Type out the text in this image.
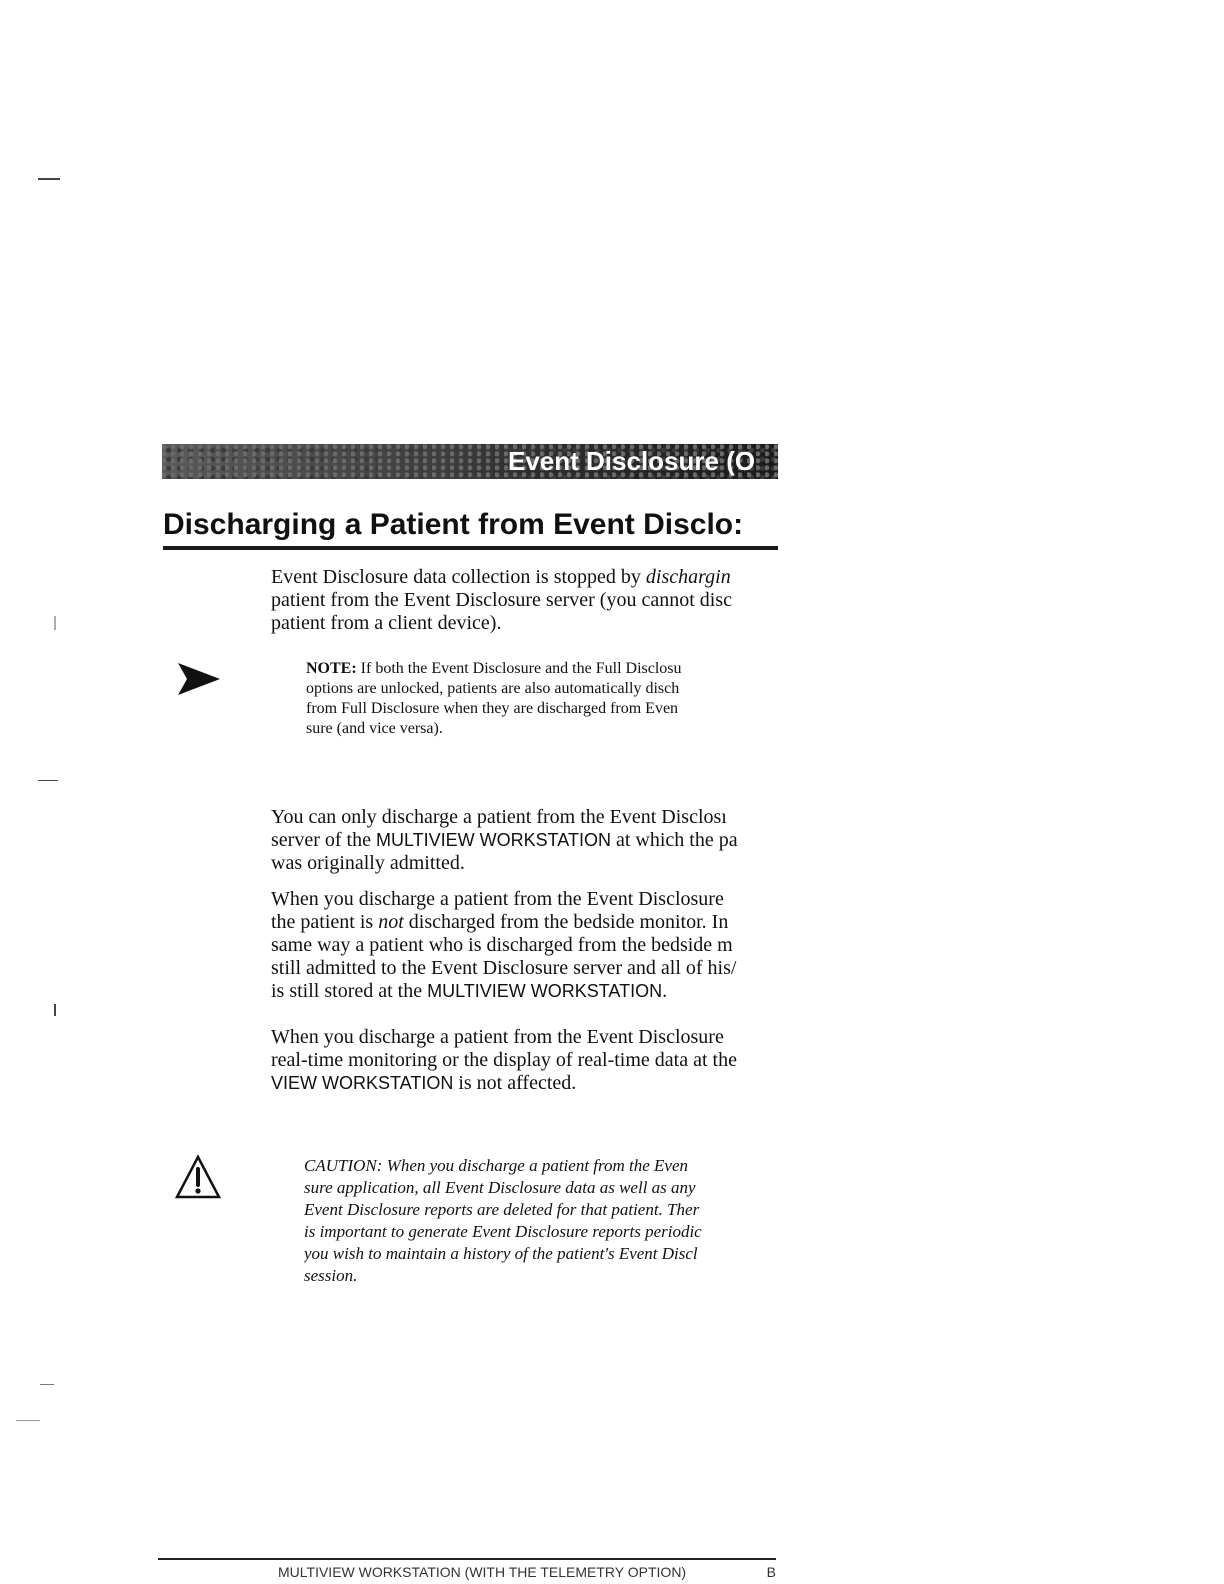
Event Disclosure (O
Discharging a Patient from Event Disclo:
Event Disclosure data collection is stopped by dischargin
patient from the Event Disclosure server (you cannot disc
patient from a client device).
NOTE: If both the Event Disclosure and the Full Disclosu
options are unlocked, patients are also automatically disch
from Full Disclosure when they are discharged from Even
sure (and vice versa).
You can only discharge a patient from the Event Disclosı
server of the MULTIVIEW WORKSTATION at which the pa
was originally admitted.
When you discharge a patient from the Event Disclosure
the patient is not discharged from the bedside monitor. In
same way a patient who is discharged from the bedside m
still admitted to the Event Disclosure server and all of his/
is still stored at the MULTIVIEW WORKSTATION.
When you discharge a patient from the Event Disclosure
real-time monitoring or the display of real-time data at the
VIEW WORKSTATION is not affected.
CAUTION: When you discharge a patient from the Even
sure application, all Event Disclosure data as well as any
Event Disclosure reports are deleted for that patient. Ther
is important to generate Event Disclosure reports periodic
you wish to maintain a history of the patient's Event Discl
session.
MULTIVIEW WORKSTATION (WITH THE TELEMETRY OPTION)	B
